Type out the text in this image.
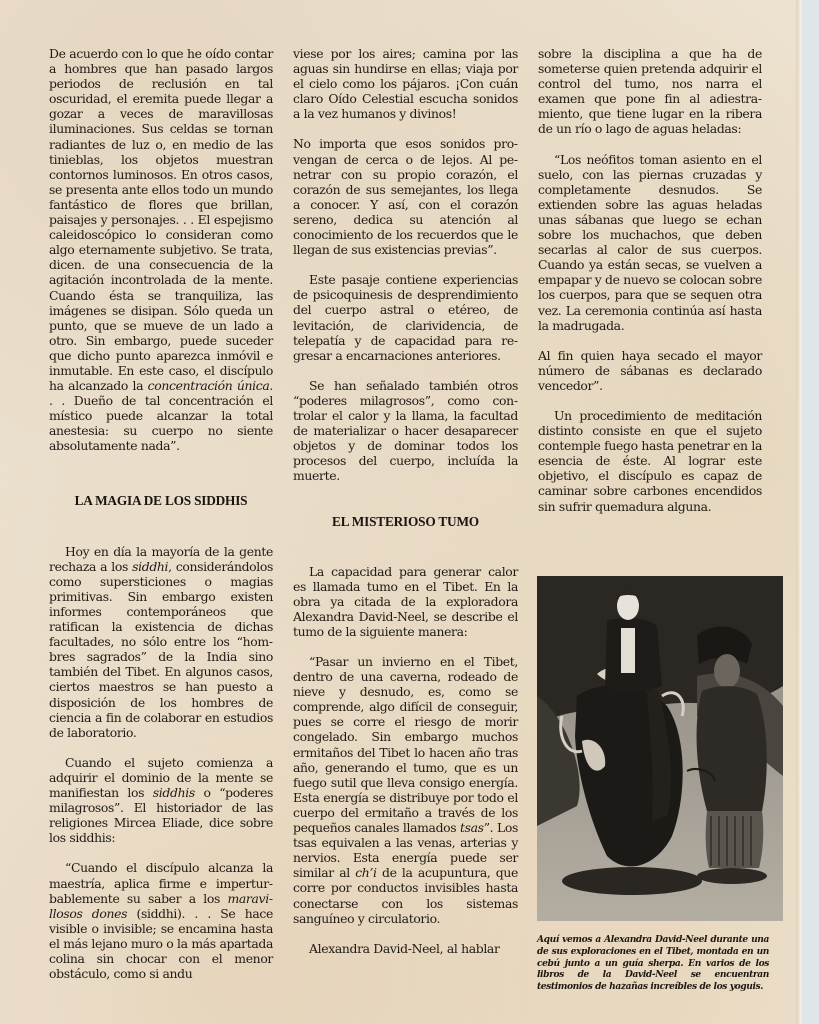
De acuerdo con lo que he oído contar a hombres que han pasado largos periodos de reclusión en tal oscuridad, el eremita puede llegar a gozar a veces de maravillosas iluminaciones. Sus celdas se tornan radiantes de luz o, en medio de las tinieblas, los objetos muestran contornos luminosos. En otros casos, se presenta ante ellos todo un mundo fantástico de flores que brillan, paisajes y personajes. . . El espejismo caleidoscópico lo consideran como algo eternamente subjetivo. Se trata, dicen. de una consecuencia de la agitación incontrolada de la mente. Cuando ésta se tranquiliza, las imágenes se disipan. Sólo queda un punto, que se mueve de un lado a otro. Sin embargo, puede suceder que dicho punto aparezca inmóvil e inmutable. En este caso, el discípulo ha alcanzado la concentración única. . . Dueño de tal concentración el místico puede alcanzar la total anestesia: su cuerpo no siente absolutamente nada”.

LA MAGIA DE LOS SIDDHIS

Hoy en día la mayoría de la gente rechaza a los siddhi, considerándolos como supersticiones o magias primitivas. Sin embargo existen informes contemporáneos que ratifican la existencia de dichas facultades, no sólo entre los “hombres sagrados” de la India sino también del Tibet. En algunos casos, ciertos maestros se han puesto a disposición de los hombres de ciencia a fin de colaborar en estudios de laboratorio.

Cuando el sujeto comienza a adquirir el dominio de la mente se manifiestan los siddhis o “poderes milagrosos”. El historiador de las religiones Mircea Eliade, dice sobre los siddhis:

“Cuando el discípulo alcanza la maestría, aplica firme e imperturbablemente su saber a los maravillosos dones (siddhi). . . Se hace visible o invisible; se encamina hasta el más lejano muro o la más apartada colina sin chocar con el menor obstáculo, como si andu

viese por los aires; camina por las aguas sin hundirse en ellas; viaja por el cielo como los pájaros. ¡Con cuán claro Oído Celestial escucha sonidos a la vez humanos y divinos!

No importa que esos sonidos provengan de cerca o de lejos. Al penetrar con su propio corazón, el corazón de sus semejantes, los llega a conocer. Y así, con el corazón sereno, dedica su atención al conocimiento de los recuerdos que le llegan de sus existencias previas”.

Este pasaje contiene experiencias de psicoquinesis de desprendimiento del cuerpo astral o etéreo, de levitación, de clarividencia, de telepatía y de capacidad para regresar a encarnaciones anteriores.

Se han señalado también otros “poderes milagrosos”, como controlar el calor y la llama, la facultad de materializar o hacer desaparecer objetos y de dominar todos los procesos del cuerpo, incluída la muerte.

EL MISTERIOSO TUMO

La capacidad para generar calor es llamada tumo en el Tibet. En la obra ya citada de la exploradora Alexandra David-Neel, se describe el tumo de la siguiente manera:

“Pasar un invierno en el Tibet, dentro de una caverna, rodeado de nieve y desnudo, es, como se comprende, algo difícil de conseguir, pues se corre el riesgo de morir congelado. Sin embargo muchos ermitaños del Tibet lo hacen año tras año, generando el tumo, que es un fuego sutil que lleva consigo energía. Esta energía se distribuye por todo el cuerpo del ermitaño a través de los pequeños canales llamados tsas”. Los tsas equivalen a las venas, arterias y nervios. Esta energía puede ser similar al ch’i de la acupuntura, que corre por conductos invisibles hasta conectarse con los sistemas sanguíneo y circulatorio.

Alexandra David-Neel, al hablar

sobre la disciplina a que ha de someterse quien pretenda adquirir el control del tumo, nos narra el examen que pone fin al adiestramiento, que tiene lugar en la ribera de un río o lago de aguas heladas:

“Los neófitos toman asiento en el suelo, con las piernas cruzadas y completamente desnudos. Se extienden sobre las aguas heladas unas sábanas que luego se echan sobre los muchachos, que deben secarlas al calor de sus cuerpos. Cuando ya están secas, se vuelven a empapar y de nuevo se colocan sobre los cuerpos, para que se sequen otra vez. La ceremonia continúa así hasta la madrugada.

Al fin quien haya secado el mayor número de sábanas es declarado vencedor”.

Un procedimiento de meditación distinto consiste en que el sujeto contemple fuego hasta penetrar en la esencia de éste. Al lograr este objetivo, el discípulo es capaz de caminar sobre carbones encendidos sin sufrir quemadura alguna.

Aquí vemos a Alexandra David-Neel durante una de sus exploraciones en el Tibet, montada en un cebú junto a un guía sherpa. En varios de los libros de la David-Neel se encuentran testimonios de hazañas increíbles de los yoguis.
